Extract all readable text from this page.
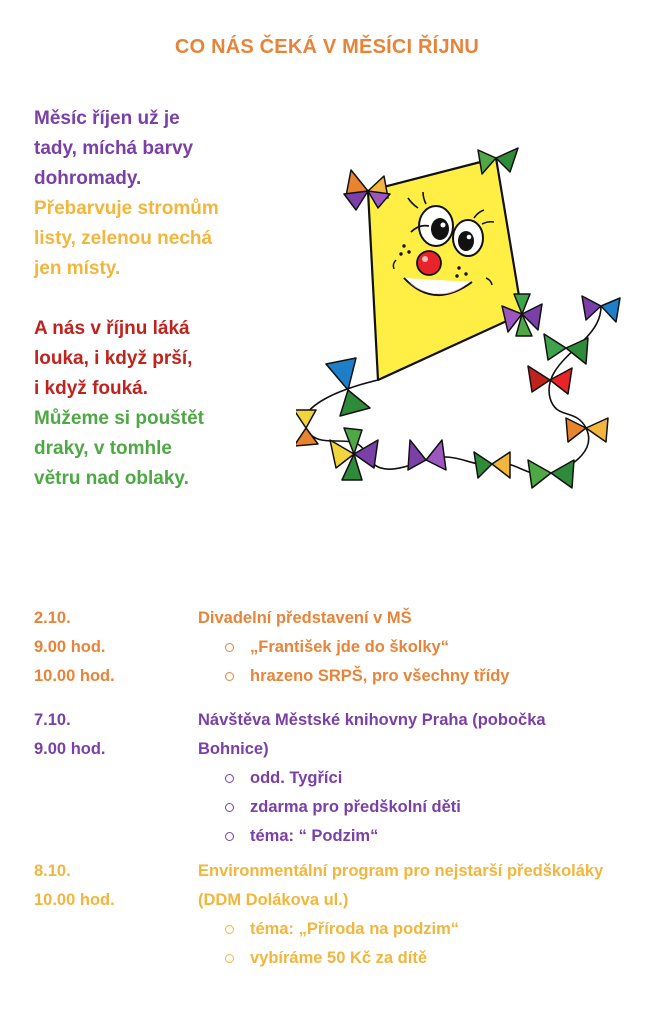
CO NÁS ČEKÁ V MĚSÍCI ŘÍJNU
Měsíc říjen už je
tady, míchá barvy
dohromady.
Přebarvuje stromům
listy, zelenou nechá
jen místy.
A nás v říjnu láká
louka, i když prší,
i když fouká.
Můžeme si pouštět
draky, v tomhle
větru nad oblaky.
2.10.
9.00 hod.
10.00 hod.
Divadelní představení v MŠ
„František jde do školky“
hrazeno SRPŠ, pro všechny třídy
7.10.
9.00 hod.
Návštěva Městské knihovny Praha (pobočka Bohnice)
odd. Tygříci
zdarma pro předškolní děti
téma: “ Podzim“
8.10.
10.00 hod.
Environmentální program pro nejstarší předškoláky (DDM Dolákova ul.)
téma: „Příroda na podzim“
vybíráme 50 Kč za dítě
